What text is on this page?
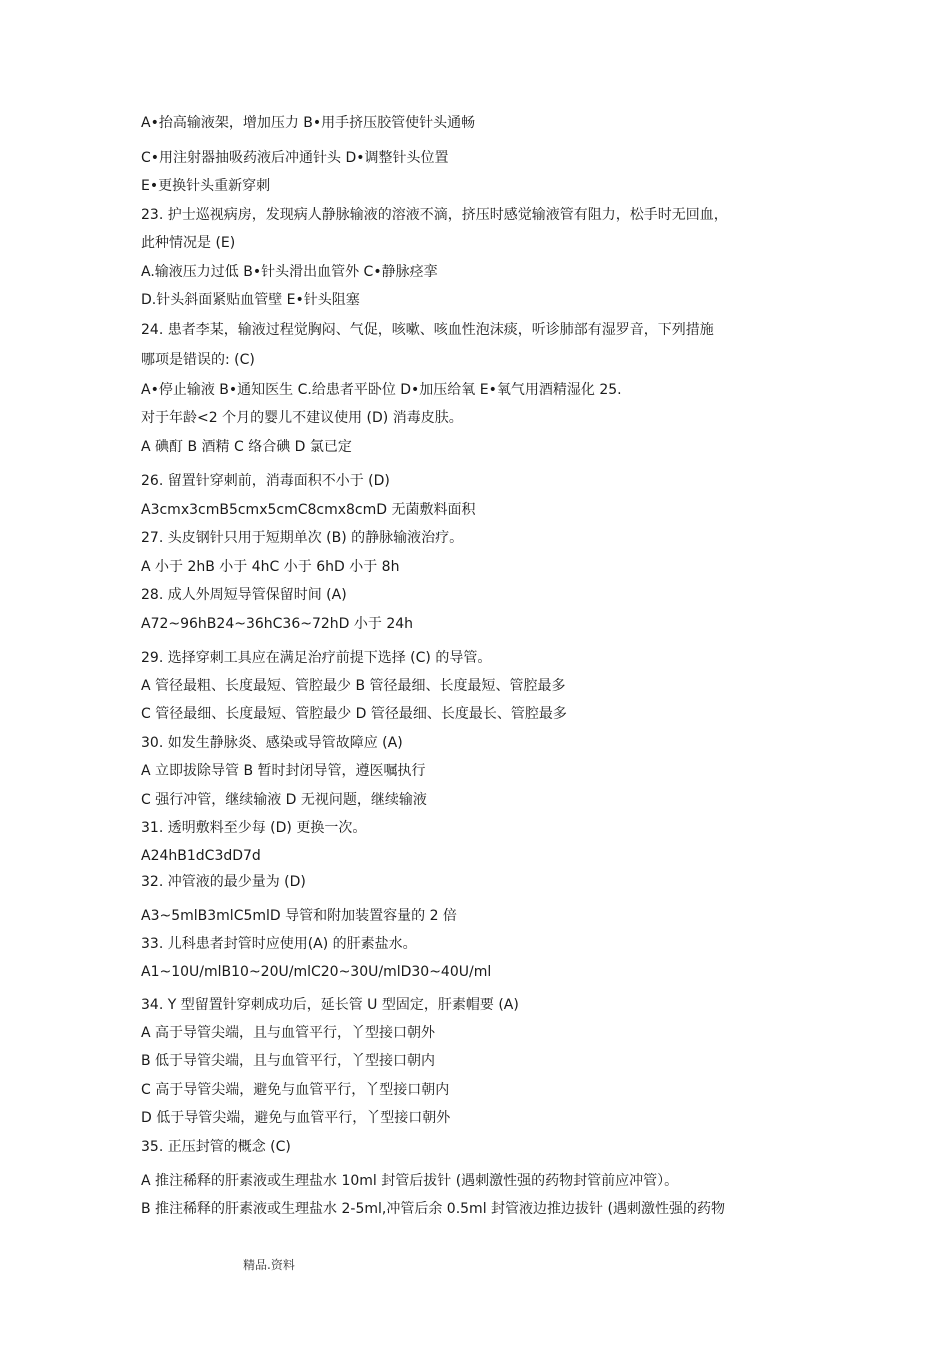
A•抬高输液架，增加压力 B•用手挤压胶管使针头通畅
C•用注射器抽吸药液后冲通针头 D•调整针头位置
E•更换针头重新穿刺
23. 护士巡视病房，发现病人静脉输液的溶液不滴，挤压时感觉输液管有阻力，松手时无回血，
此种情况是 (E)
A.输液压力过低 B•针头滑出血管外 C•静脉痉挛
D.针头斜面紧贴血管壁 E•针头阻塞
24. 患者李某，输液过程觉胸闷、气促，咳嗽、咳血性泡沫痰，听诊肺部有湿罗音，下列措施
哪项是错误的: (C)
A•停止输液 B•通知医生 C.给患者平卧位 D•加压给氧 E•氧气用酒精湿化 25.
对于年龄<2 个月的婴儿不建议使用 (D) 消毒皮肤。
A 碘酊 B 酒精 C 络合碘 D 氯已定
26. 留置针穿刺前，消毒面积不小于 (D)
A3cmx3cmB5cmx5cmC8cmx8cmD 无菌敷料面积
27. 头皮钢针只用于短期单次 (B) 的静脉输液治疗。
A 小于 2hB 小于 4hC 小于 6hD 小于 8h
28. 成人外周短导管保留时间 (A)
A72~96hB24~36hC36~72hD 小于 24h
29. 选择穿刺工具应在满足治疗前提下选择 (C) 的导管。
A 管径最粗、长度最短、管腔最少 B 管径最细、长度最短、管腔最多
C 管径最细、长度最短、管腔最少 D 管径最细、长度最长、管腔最多
30. 如发生静脉炎、感染或导管故障应 (A)
A 立即拔除导管 B 暂时封闭导管，遵医嘱执行
C 强行冲管，继续输液 D 无视问题，继续输液
31. 透明敷料至少每 (D) 更换一次。
A24hB1dC3dD7d
32. 冲管液的最少量为 (D)
A3~5mlB3mlC5mlD 导管和附加装置容量的 2 倍
33. 儿科患者封管时应使用(A) 的肝素盐水。
A1~10U/mlB10~20U/mlC20~30U/mlD30~40U/ml
34. Y 型留置针穿刺成功后，延长管 U 型固定，肝素帽要 (A)
A 高于导管尖端，且与血管平行，丫型接口朝外
B 低于导管尖端，且与血管平行，丫型接口朝内
C 高于导管尖端，避免与血管平行，丫型接口朝内
D 低于导管尖端，避免与血管平行，丫型接口朝外
35. 正压封管的概念 (C)
A 推注稀释的肝素液或生理盐水 10ml 封管后拔针 (遇刺激性强的药物封管前应冲管）。
B 推注稀释的肝素液或生理盐水 2-5ml,冲管后余 0.5ml 封管液边推边拔针 (遇刺激性强的药物
精品.资料
